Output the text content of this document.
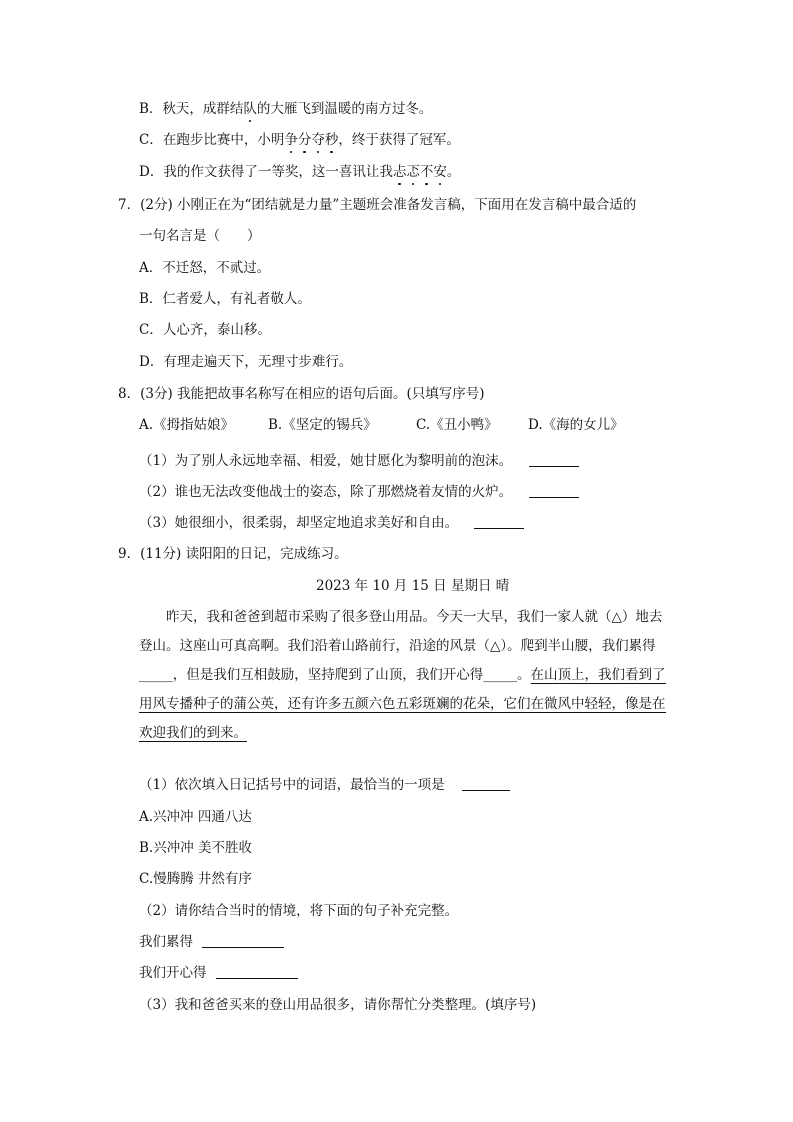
B．秋天，成群结队的大雁飞到温暖的南方过冬。
C．在跑步比赛中，小明争分夺秒，终于获得了冠军。
D．我的作文获得了一等奖，这一喜讯让我忐忑不安。
7．(2分) 小刚正在为“团结就是力量”主题班会准备发言稿，下面用在发言稿中最合适的
一句名言是（　　）
A．不迁怒，不贰过。
B．仁者爱人，有礼者敬人。
C．人心齐，泰山移。
D．有理走遍天下，无理寸步难行。
8．(3分) 我能把故事名称写在相应的语句后面。(只填写序号)
A.《拇指姑娘》	B.《坚定的锡兵》	C.《丑小鸭》 D.《海的女儿》
（1）为了别人永远地幸福、相爱，她甘愿化为黎明前的泡沫。
（2）谁也无法改变他战士的姿态，除了那燃烧着友情的火炉。
（3）她很细小，很柔弱，却坚定地追求美好和自由。
9．(11分) 读阳阳的日记，完成练习。
2023 年 10 月 15 日 星期日 晴
昨天，我和爸爸到超市采购了很多登山用品。今天一大早，我们一家人就（△）地去登山。这座山可真高啊。我们沿着山路前行，沿途的风景（△）。爬到半山腰，我们累得_____，但是我们互相鼓励，坚持爬到了山顶，我们开心得_____。在山顶上，我们看到了用风专播种子的蒲公英，还有许多五颜六色五彩斑斓的花朵，它们在微风中轻轻，像是在欢迎我们的到来。
（1）依次填入日记括号中的词语，最恰当的一项是
A.兴冲冲 四通八达
B.兴冲冲 美不胜收
C.慢腾腾 井然有序
（2）请你结合当时的情境，将下面的句子补充完整。
我们累得
我们开心得
（3）我和爸爸买来的登山用品很多，请你帮忙分类整理。(填序号)
